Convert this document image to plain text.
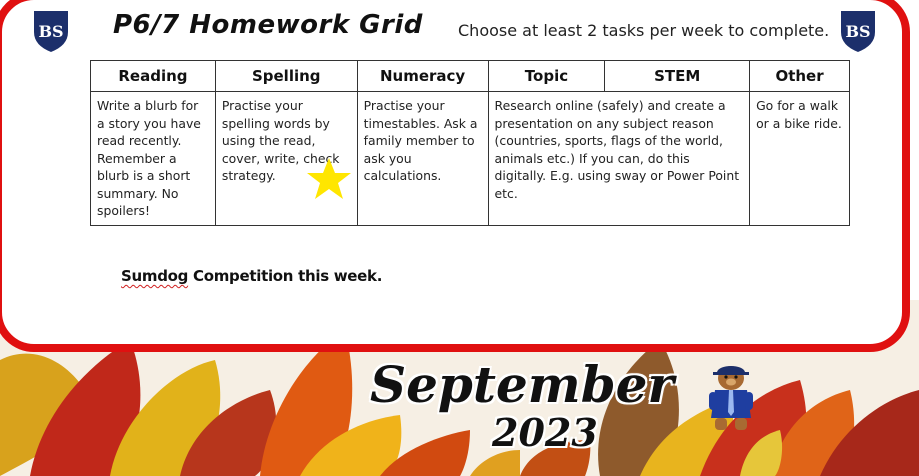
BS	BS
P6/7 Homework Grid Choose at least 2 tasks per week to complete.
Reading	Spelling	Numeracy	Topic	STEM	Other
Write a blurb for a story you have read recently. Remember a blurb is a short summary. No spoilers!	Practise your spelling words by using the read, cover, write, check strategy.	Practise your timestables. Ask a family member to ask you calculations.	Research online (safely) and create a presentation on any subject reason (countries, sports, flags of the world, animals etc.) If you can, do this digitally. E.g. using sway or Power Point etc.		Go for a walk or a bike ride.
Sumdog Competition this week.
September
2023
